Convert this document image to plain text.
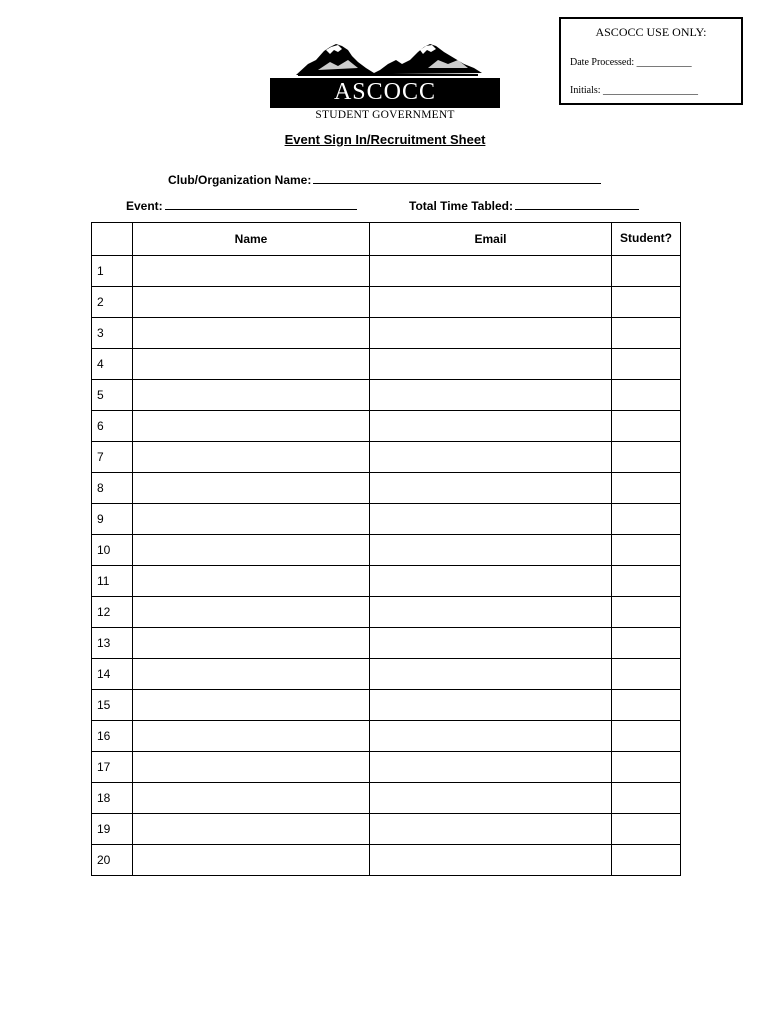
ASCOCC USE ONLY:
Date Processed: ___________
Initials: ___________________
ASCOCC
STUDENT GOVERNMENT
Event Sign In/Recruitment Sheet
Club/Organization Name:
Event:	Total Time Tabled:
	Name	Email	Student?
1			
2			
3			
4			
5			
6			
7			
8			
9			
10			
11			
12			
13			
14			
15			
16			
17			
18			
19			
20			
